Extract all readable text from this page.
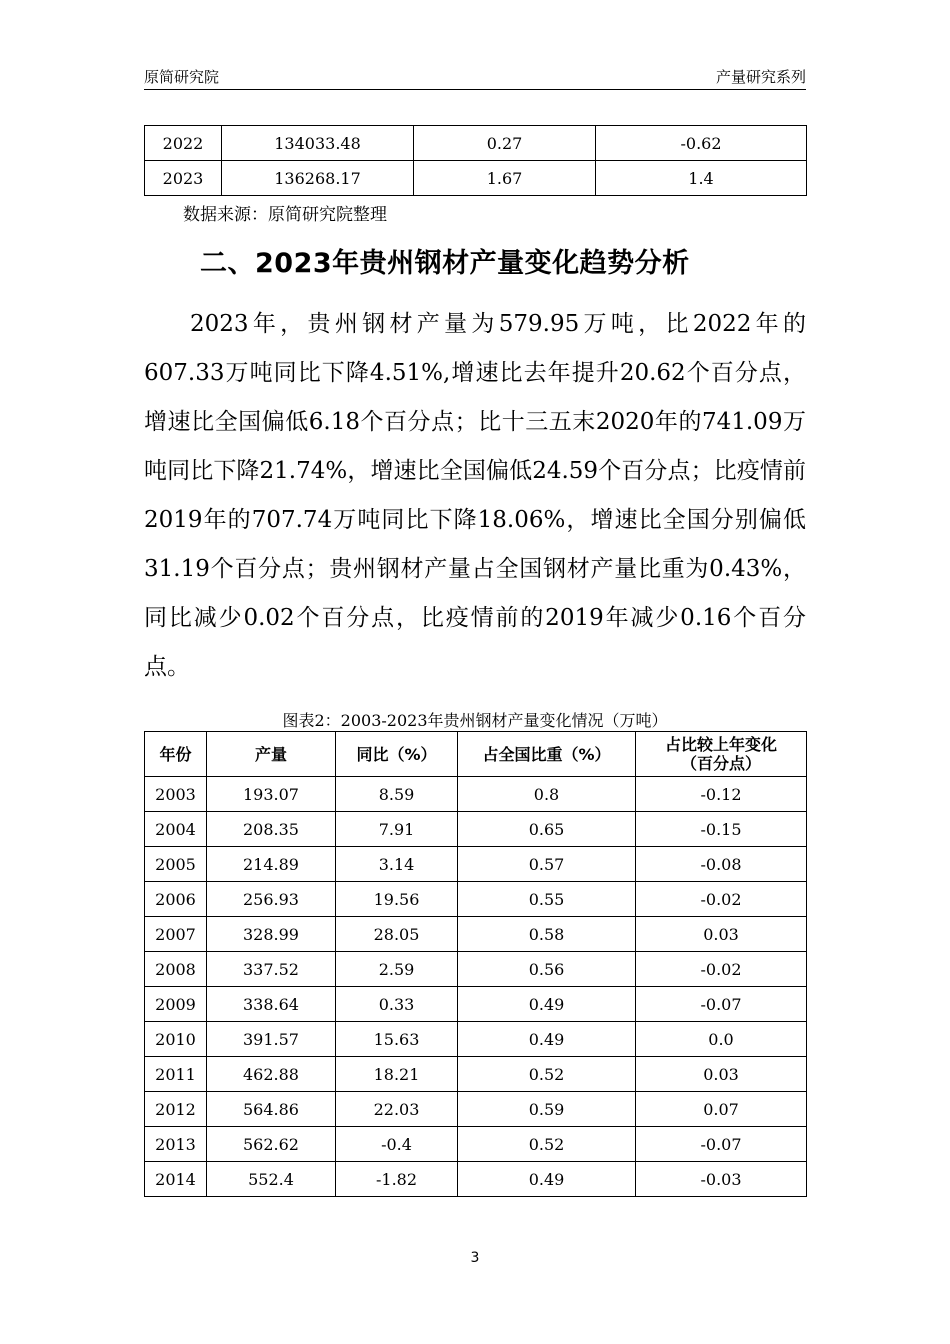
原简研究院	产量研究系列
2022	134033.48	0.27	-0.62
2023	136268.17	1.67	1.4
数据来源：原简研究院整理
二、2023年贵州钢材产量变化趋势分析
2023年，贵州钢材产量为579.95万吨，比2022年的607.33万吨同比下降4.51%,增速比去年提升20.62个百分点，增速比全国偏低6.18个百分点；比十三五末2020年的741.09万吨同比下降21.74%，增速比全国偏低24.59个百分点；比疫情前2019年的707.74万吨同比下降18.06%，增速比全国分别偏低31.19个百分点；贵州钢材产量占全国钢材产量比重为0.43%，同比减少0.02个百分点，比疫情前的2019年减少0.16个百分点。
图表2：2003-2023年贵州钢材产量变化情况（万吨）
年份	产量	同比（%）	占全国比重（%）	占比较上年变化（百分点）
2003	193.07	8.59	0.8	-0.12
2004	208.35	7.91	0.65	-0.15
2005	214.89	3.14	0.57	-0.08
2006	256.93	19.56	0.55	-0.02
2007	328.99	28.05	0.58	0.03
2008	337.52	2.59	0.56	-0.02
2009	338.64	0.33	0.49	-0.07
2010	391.57	15.63	0.49	0.0
2011	462.88	18.21	0.52	0.03
2012	564.86	22.03	0.59	0.07
2013	562.62	-0.4	0.52	-0.07
2014	552.4	-1.82	0.49	-0.03
3
